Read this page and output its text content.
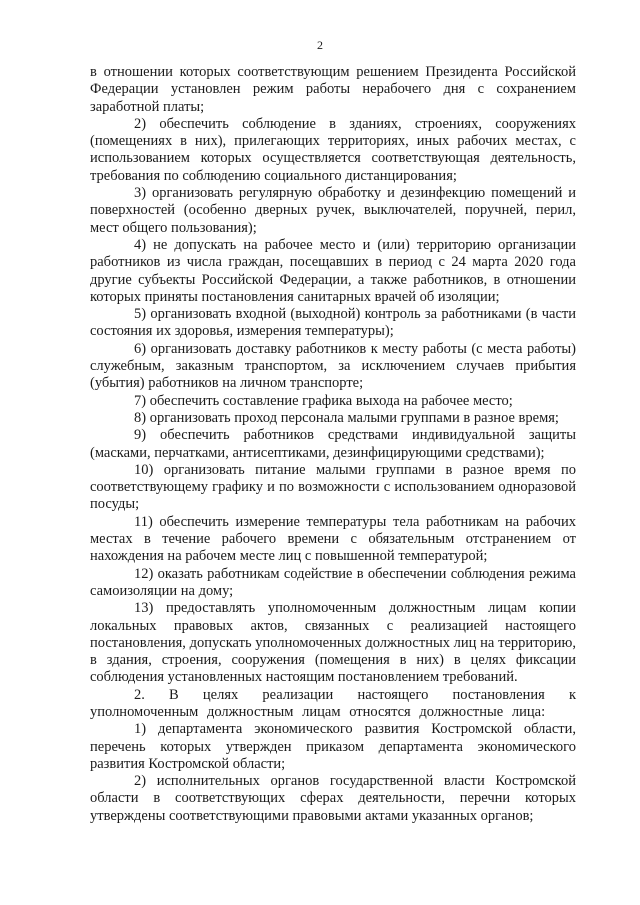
2

в отношении которых соответствующим решением Президента Российской Федерации установлен режим работы нерабочего дня с сохранением заработной платы;

2) обеспечить соблюдение в зданиях, строениях, сооружениях (помещениях в них), прилегающих территориях, иных рабочих местах, с использованием которых осуществляется соответствующая деятельность, требования по соблюдению социального дистанцирования;

3) организовать регулярную обработку и дезинфекцию помещений и поверхностей (особенно дверных ручек, выключателей, поручней, перил, мест общего пользования);

4) не допускать на рабочее место и (или) территорию организации работников из числа граждан, посещавших в период с 24 марта 2020 года другие субъекты Российской Федерации, а также работников, в отношении которых приняты постановления санитарных врачей об изоляции;

5) организовать входной (выходной) контроль за работниками (в части состояния их здоровья, измерения температуры);

6) организовать доставку работников к месту работы (с места работы) служебным, заказным транспортом, за исключением случаев прибытия (убытия) работников на личном транспорте;

7) обеспечить составление графика выхода на рабочее место;

8) организовать проход персонала малыми группами в разное время;

9) обеспечить работников средствами индивидуальной защиты (масками, перчатками, антисептиками, дезинфицирующими средствами);

10) организовать питание малыми группами в разное время по соответствующему графику и по возможности с использованием одноразовой посуды;

11) обеспечить измерение температуры тела работникам на рабочих местах в течение рабочего времени с обязательным отстранением от нахождения на рабочем месте лиц с повышенной температурой;

12) оказать работникам содействие в обеспечении соблюдения режима самоизоляции на дому;

13) предоставлять уполномоченным должностным лицам копии локальных правовых актов, связанных с реализацией настоящего постановления, допускать уполномоченных должностных лиц на территорию, в здания, строения, сооружения (помещения в них) в целях фиксации соблюдения установленных настоящим постановлением требований.

2. В целях реализации настоящего постановления к уполномоченным должностным лицам относятся должностные лица:

1) департамента экономического развития Костромской области, перечень которых утвержден приказом департамента экономического развития Костромской области;

2) исполнительных органов государственной власти Костромской области в соответствующих сферах деятельности, перечни которых утверждены соответствующими правовыми актами указанных органов;
